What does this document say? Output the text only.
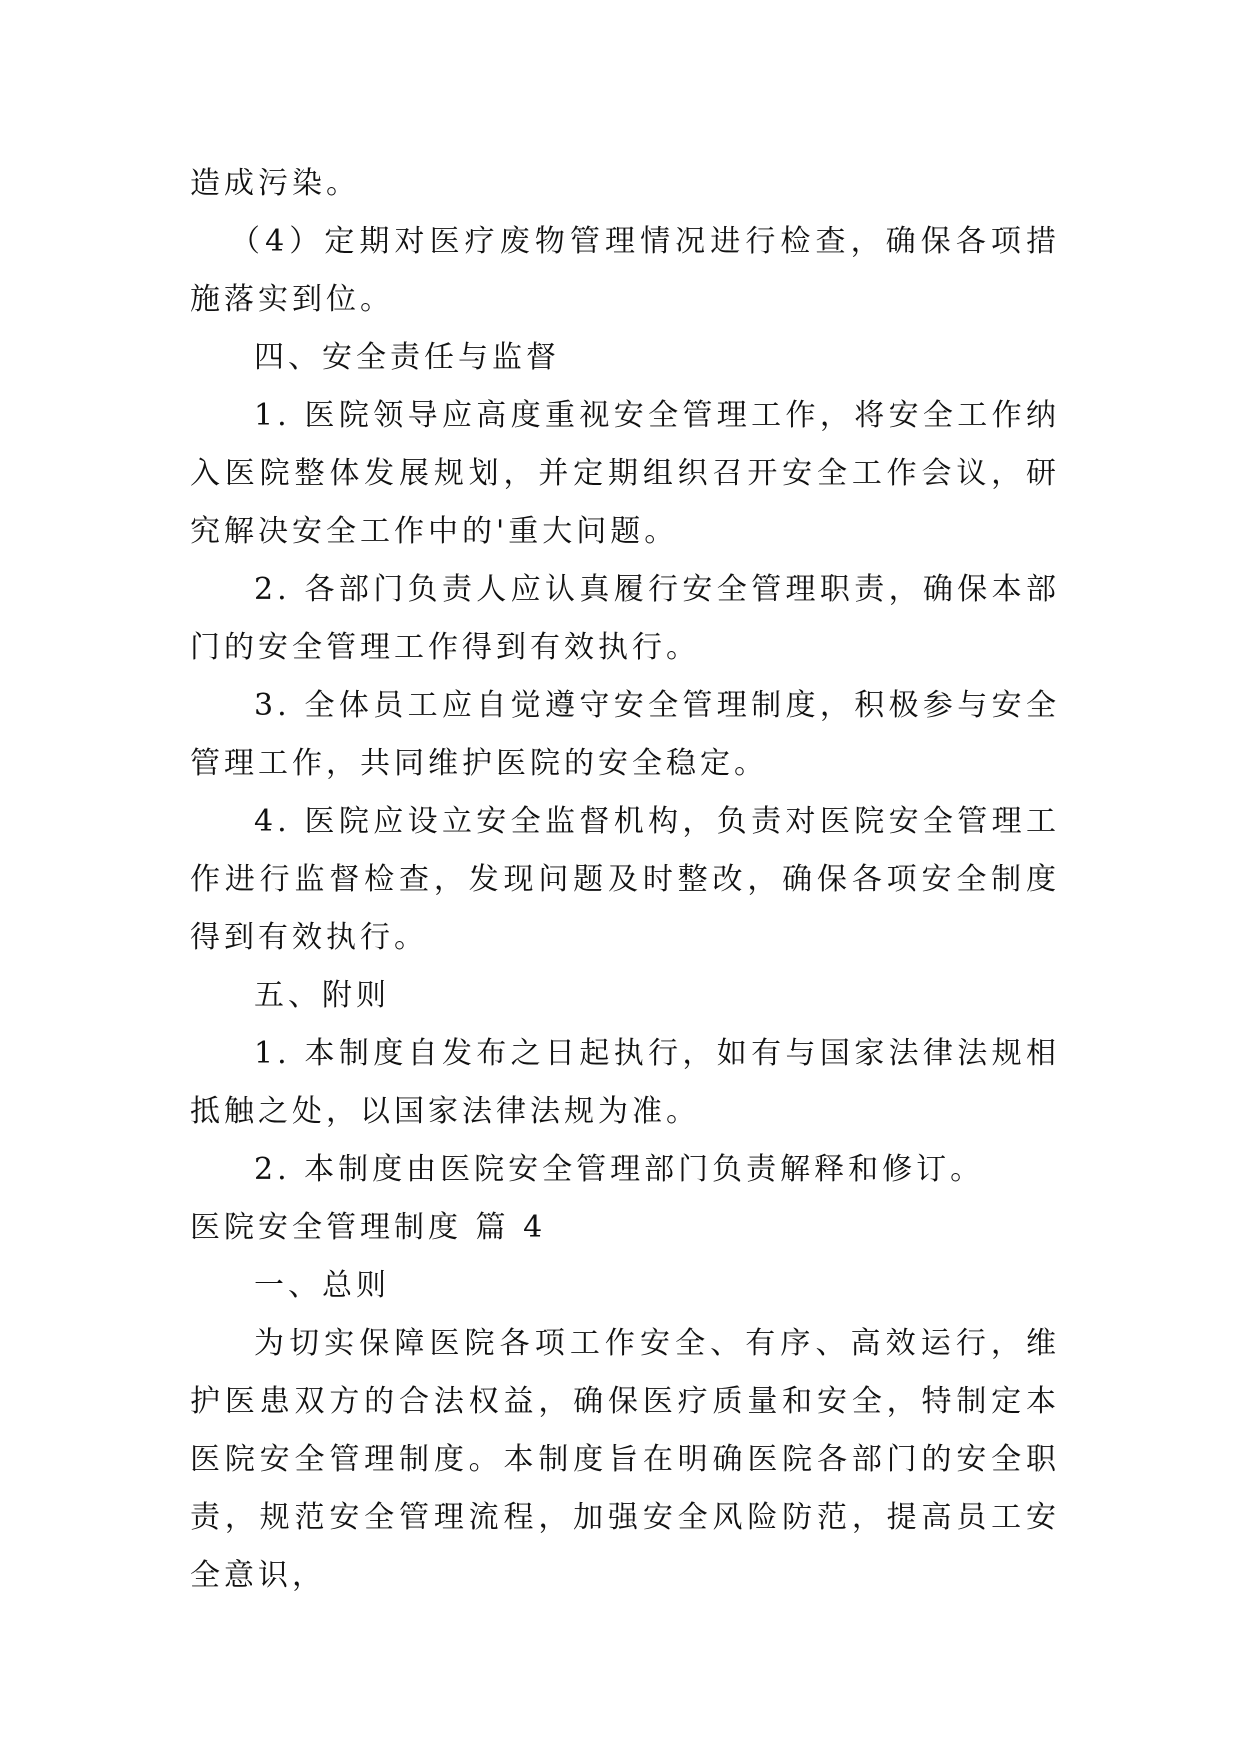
造成污染。

（4）定期对医疗废物管理情况进行检查，确保各项措施落实到位。

四、安全责任与监督

1. 医院领导应高度重视安全管理工作，将安全工作纳入医院整体发展规划，并定期组织召开安全工作会议，研究解决安全工作中的'重大问题。

2. 各部门负责人应认真履行安全管理职责，确保本部门的安全管理工作得到有效执行。

3. 全体员工应自觉遵守安全管理制度，积极参与安全管理工作，共同维护医院的安全稳定。

4. 医院应设立安全监督机构，负责对医院安全管理工作进行监督检查，发现问题及时整改，确保各项安全制度得到有效执行。

五、附则

1. 本制度自发布之日起执行，如有与国家法律法规相抵触之处，以国家法律法规为准。

2. 本制度由医院安全管理部门负责解释和修订。

医院安全管理制度 篇 4

一、总则

为切实保障医院各项工作安全、有序、高效运行，维护医患双方的合法权益，确保医疗质量和安全，特制定本医院安全管理制度。本制度旨在明确医院各部门的安全职责，规范安全管理流程，加强安全风险防范，提高员工安全意识，
